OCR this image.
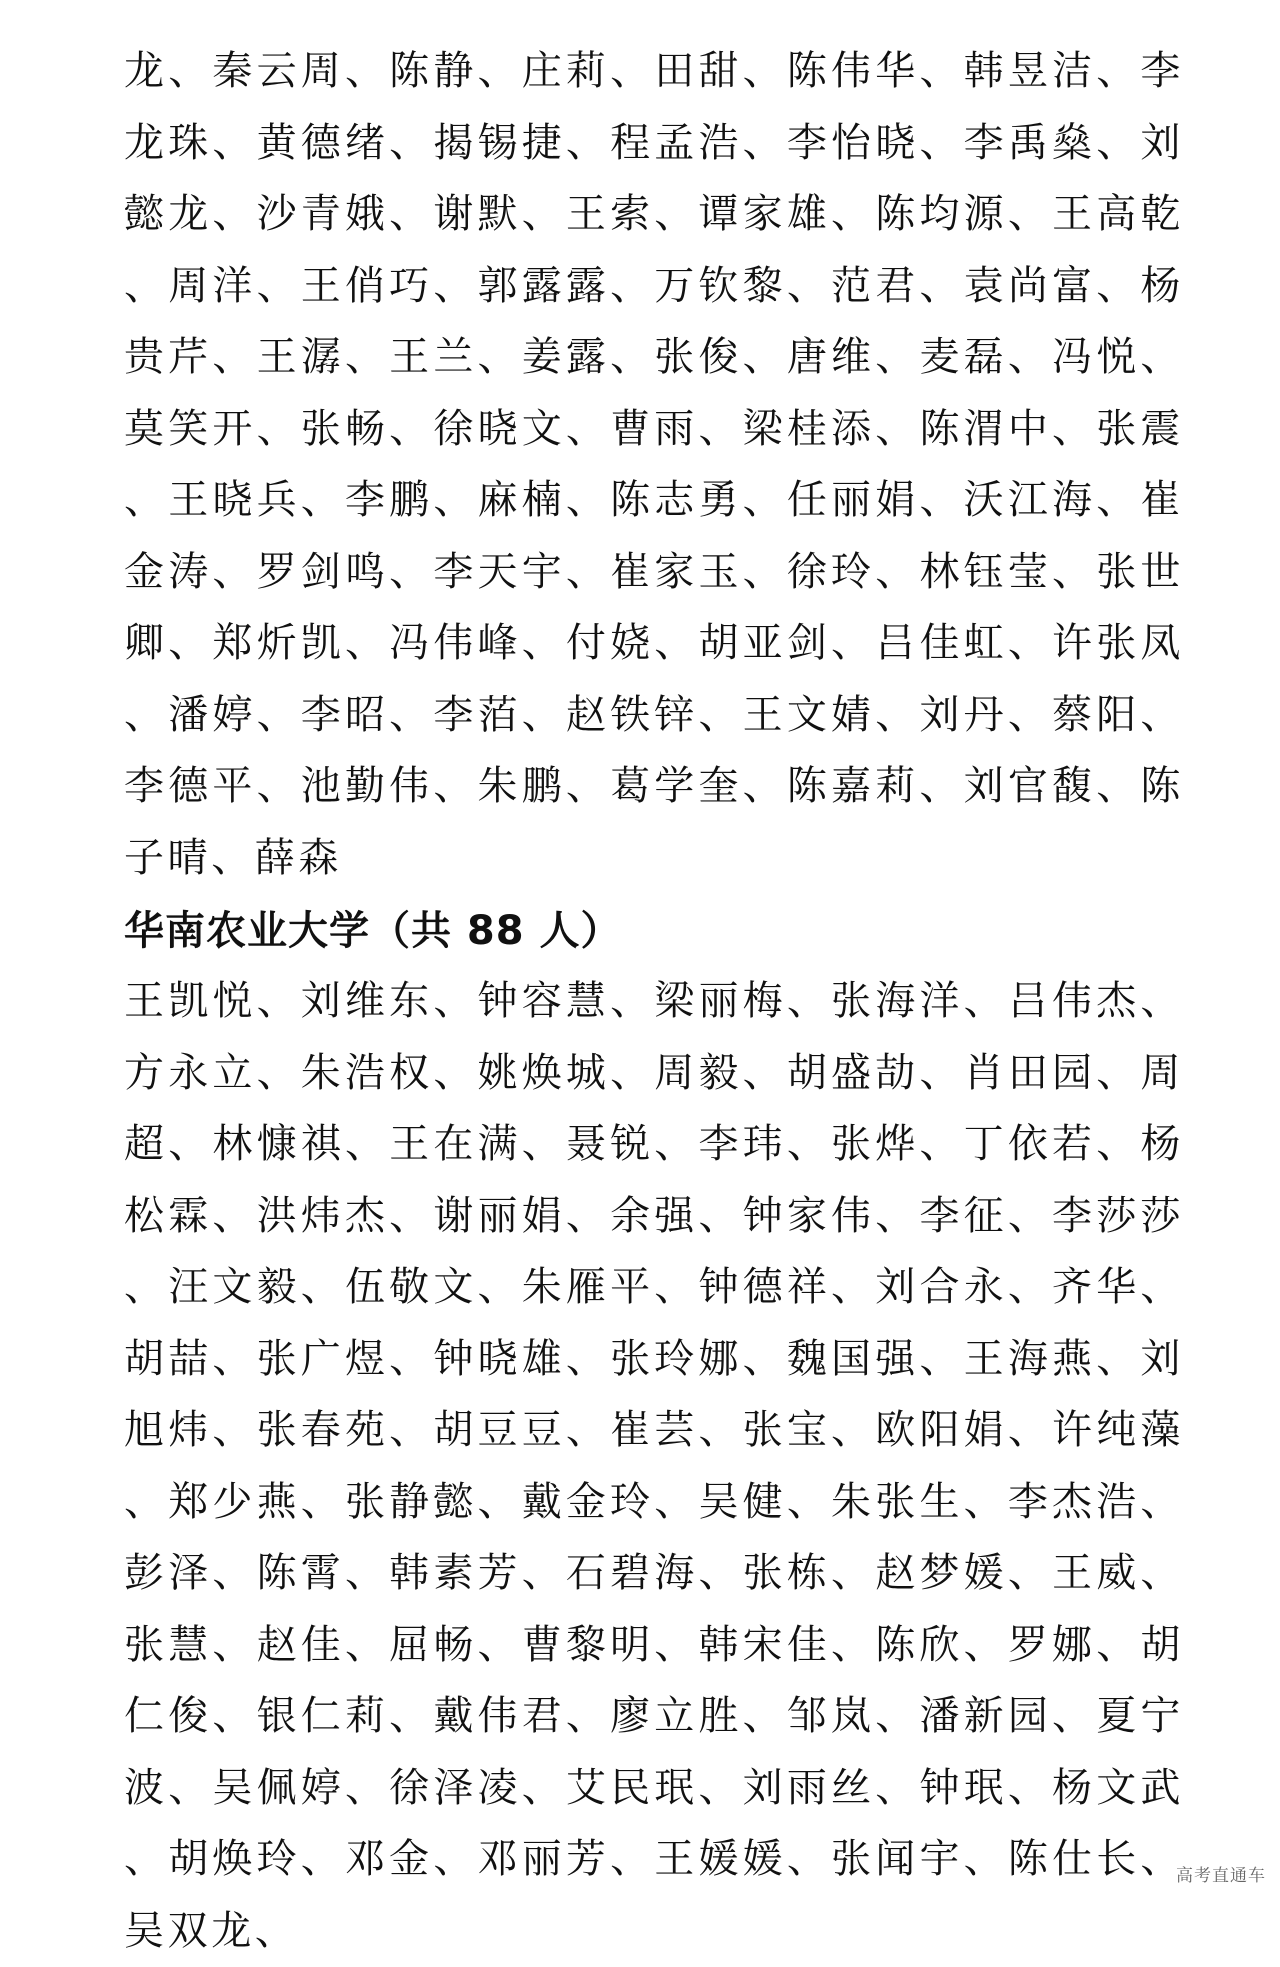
龙、秦云周、陈静、庄莉、田甜、陈伟华、韩昱洁、李龙珠、黄德绪、揭锡捷、程孟浩、李怡晓、李禹燊、刘懿龙、沙青娥、谢默、王索、谭家雄、陈均源、王高乾、周洋、王俏巧、郭露露、万钦黎、范君、袁尚富、杨贵芹、王潺、王兰、姜露、张俊、唐维、麦磊、冯悦、莫笑开、张畅、徐晓文、曹雨、梁桂添、陈渭中、张震、王晓兵、李鹏、麻楠、陈志勇、任丽娟、沃江海、崔金涛、罗剑鸣、李天宇、崔家玉、徐玲、林钰莹、张世卿、郑炘凯、冯伟峰、付娆、胡亚剑、吕佳虹、许张凤、潘婷、李昭、李萡、赵铁锌、王文婧、刘丹、蔡阳、李德平、池勤伟、朱鹏、葛学奎、陈嘉莉、刘官馥、陈子晴、薛森

华南农业大学（共 88 人）

王凯悦、刘维东、钟容慧、梁丽梅、张海洋、吕伟杰、方永立、朱浩权、姚焕城、周毅、胡盛劼、肖田园、周超、林慷祺、王在满、聂锐、李玮、张烨、丁依若、杨松霖、洪炜杰、谢丽娟、余强、钟家伟、李征、李莎莎、汪文毅、伍敬文、朱雁平、钟德祥、刘合永、齐华、胡喆、张广煜、钟晓雄、张玲娜、魏国强、王海燕、刘旭炜、张春苑、胡豆豆、崔芸、张宝、欧阳娟、许纯藻、郑少燕、张静懿、戴金玲、吴健、朱张生、李杰浩、彭泽、陈霄、韩素芳、石碧海、张栋、赵梦媛、王威、张慧、赵佳、屈畅、曹黎明、韩宋佳、陈欣、罗娜、胡仁俊、银仁莉、戴伟君、廖立胜、邹岚、潘新园、夏宁波、吴佩婷、徐泽凌、艾民珉、刘雨丝、钟珉、杨文武、胡焕玲、邓金、邓丽芳、王媛媛、张闻宇、陈仕长、吴双龙、

高考直通车
